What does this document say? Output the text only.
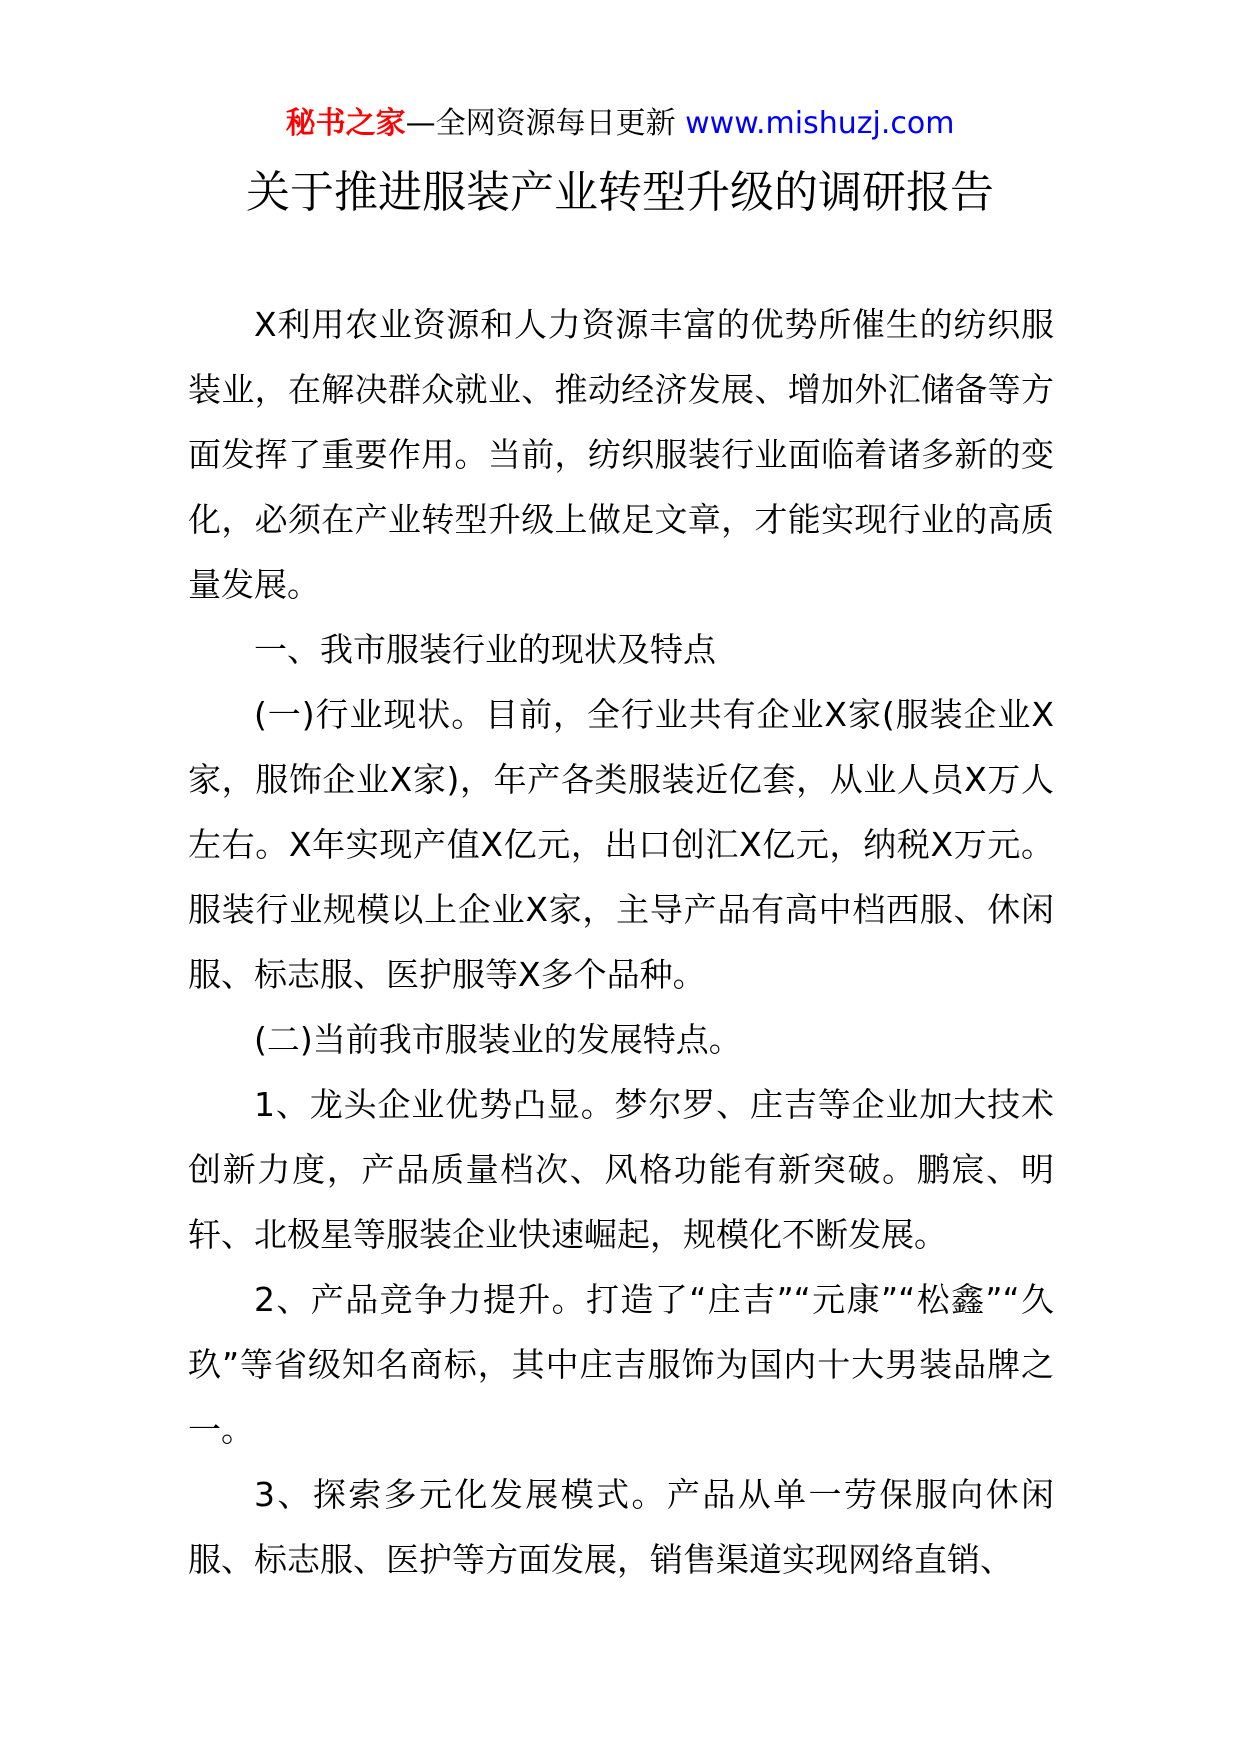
秘书之家—全网资源每日更新 www.mishuzj.com
关于推进服装产业转型升级的调研报告

X利用农业资源和人力资源丰富的优势所催生的纺织服装业，在解决群众就业、推动经济发展、增加外汇储备等方面发挥了重要作用。当前，纺织服装行业面临着诸多新的变化，必须在产业转型升级上做足文章，才能实现行业的高质量发展。

一、我市服装行业的现状及特点

(一)行业现状。目前，全行业共有企业X家(服装企业X家，服饰企业X家)，年产各类服装近亿套，从业人员X万人左右。X年实现产值X亿元，出口创汇X亿元，纳税X万元。服装行业规模以上企业X家，主导产品有高中档西服、休闲服、标志服、医护服等X多个品种。

(二)当前我市服装业的发展特点。

1、龙头企业优势凸显。梦尔罗、庄吉等企业加大技术创新力度，产品质量档次、风格功能有新突破。鹏宸、明轩、北极星等服装企业快速崛起，规模化不断发展。

2、产品竞争力提升。打造了“庄吉”“元康”“松鑫”“久玖”等省级知名商标，其中庄吉服饰为国内十大男装品牌之一。

3、探索多元化发展模式。产品从单一劳保服向休闲服、标志服、医护等方面发展，销售渠道实现网络直销、
